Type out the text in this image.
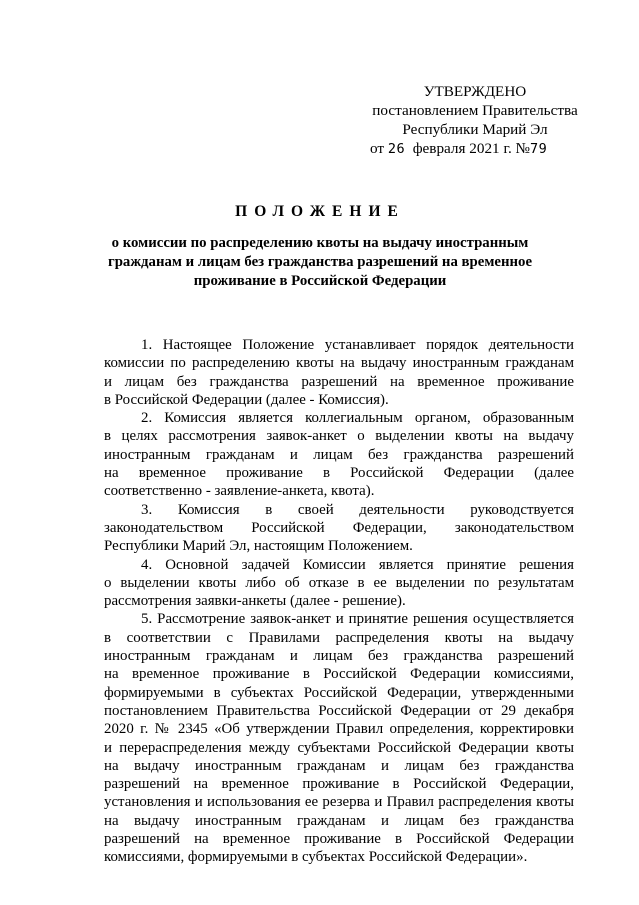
УТВЕРЖДЕНО
постановлением Правительства
Республики Марий Эл
от 26 февраля 2021 г. №79
ПОЛОЖЕНИЕ
о комиссии по распределению квоты на выдачу иностранным
гражданам и лицам без гражданства разрешений на временное
проживание в Российской Федерации
1. Настоящее Положение устанавливает порядок деятельности
комиссии по распределению квоты на выдачу иностранным гражданам
и лицам без гражданства разрешений на временное проживание
в Российской Федерации (далее - Комиссия).
2. Комиссия является коллегиальным органом, образованным
в целях рассмотрения заявок-анкет о выделении квоты на выдачу
иностранным гражданам и лицам без гражданства разрешений
на временное проживание в Российской Федерации (далее
соответственно - заявление-анкета, квота).
3. Комиссия в своей деятельности руководствуется
законодательством Российской Федерации, законодательством
Республики Марий Эл, настоящим Положением.
4. Основной задачей Комиссии является принятие решения
о выделении квоты либо об отказе в ее выделении по результатам
рассмотрения заявки-анкеты (далее - решение).
5. Рассмотрение заявок-анкет и принятие решения осуществляется
в соответствии с Правилами распределения квоты на выдачу
иностранным гражданам и лицам без гражданства разрешений
на временное проживание в Российской Федерации комиссиями,
формируемыми в субъектах Российской Федерации, утвержденными
постановлением Правительства Российской Федерации от 29 декабря
2020 г. № 2345 «Об утверждении Правил определения, корректировки
и перераспределения между субъектами Российской Федерации квоты
на выдачу иностранным гражданам и лицам без гражданства
разрешений на временное проживание в Российской Федерации,
установления и использования ее резерва и Правил распределения квоты
на выдачу иностранным гражданам и лицам без гражданства
разрешений на временное проживание в Российской Федерации
комиссиями, формируемыми в субъектах Российской Федерации».
